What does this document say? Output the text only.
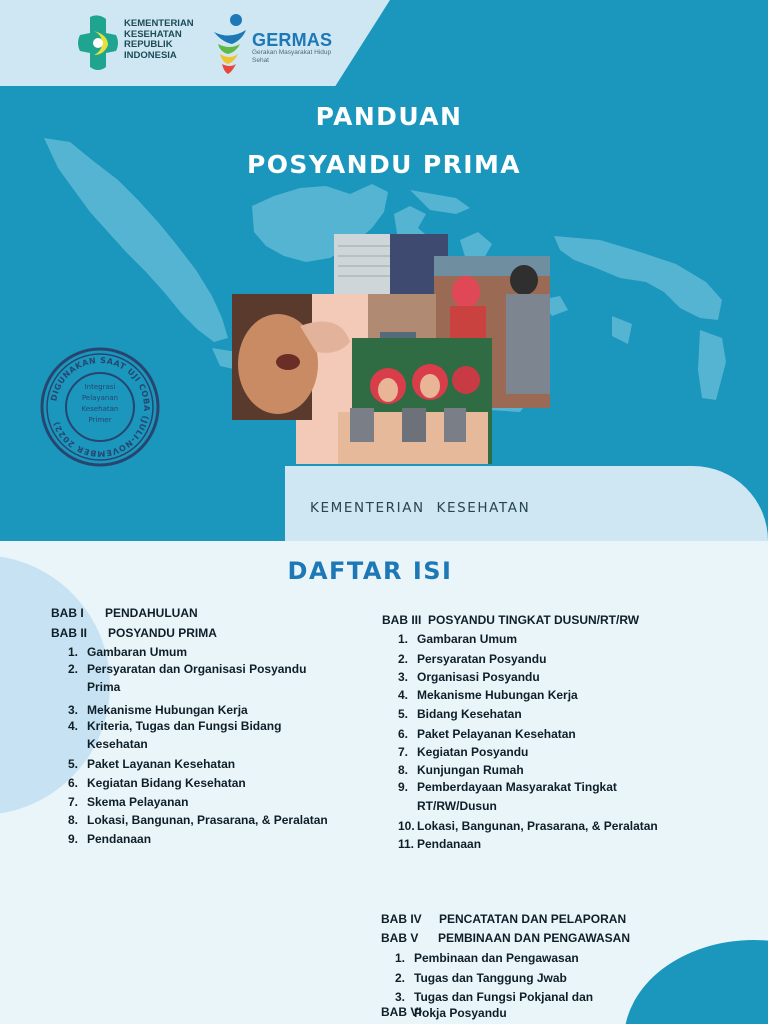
KEMENTERIAN
KESEHATAN
REPUBLIK
INDONESIA
GERMAS
Gerakan Masyarakat Hidup Sehat
PANDUAN
POSYANDU PRIMA
DIGUNAKAN SAAT UJI COBA (JULI-NOVEMBER 2022)
Integrasi
Pelayanan
Kesehatan
Primer
KEMENTERIAN  KESEHATAN
DAFTAR ISI
BAB I PENDAHULUAN
BAB II POSYANDU PRIMA
1. Gambaran Umum
2. Persyaratan dan Organisasi Posyandu
Prima
3. Mekanisme Hubungan Kerja
4. Kriteria, Tugas dan Fungsi Bidang
Kesehatan
5. Paket Layanan Kesehatan
6. Kegiatan Bidang Kesehatan
7. Skema Pelayanan
8. Lokasi, Bangunan, Prasarana, & Peralatan
9. Pendanaan
BAB III POSYANDU TINGKAT DUSUN/RT/RW
1. Gambaran Umum
2. Persyaratan Posyandu
3. Organisasi Posyandu
4. Mekanisme Hubungan Kerja
5. Bidang Kesehatan
6. Paket Pelayanan Kesehatan
7. Kegiatan Posyandu
8. Kunjungan Rumah
9. Pemberdayaan Masyarakat Tingkat
RT/RW/Dusun
10. Lokasi, Bangunan, Prasarana, & Peralatan
11. Pendanaan
BAB IV PENCATATAN DAN PELAPORAN
BAB V PEMBINAAN DAN PENGAWASAN
1. Pembinaan dan Pengawasan
2. Tugas dan Tanggung Jwab
3. Tugas dan Fungsi Pokjanal dan
Pokja Posyandu
BAB VI
